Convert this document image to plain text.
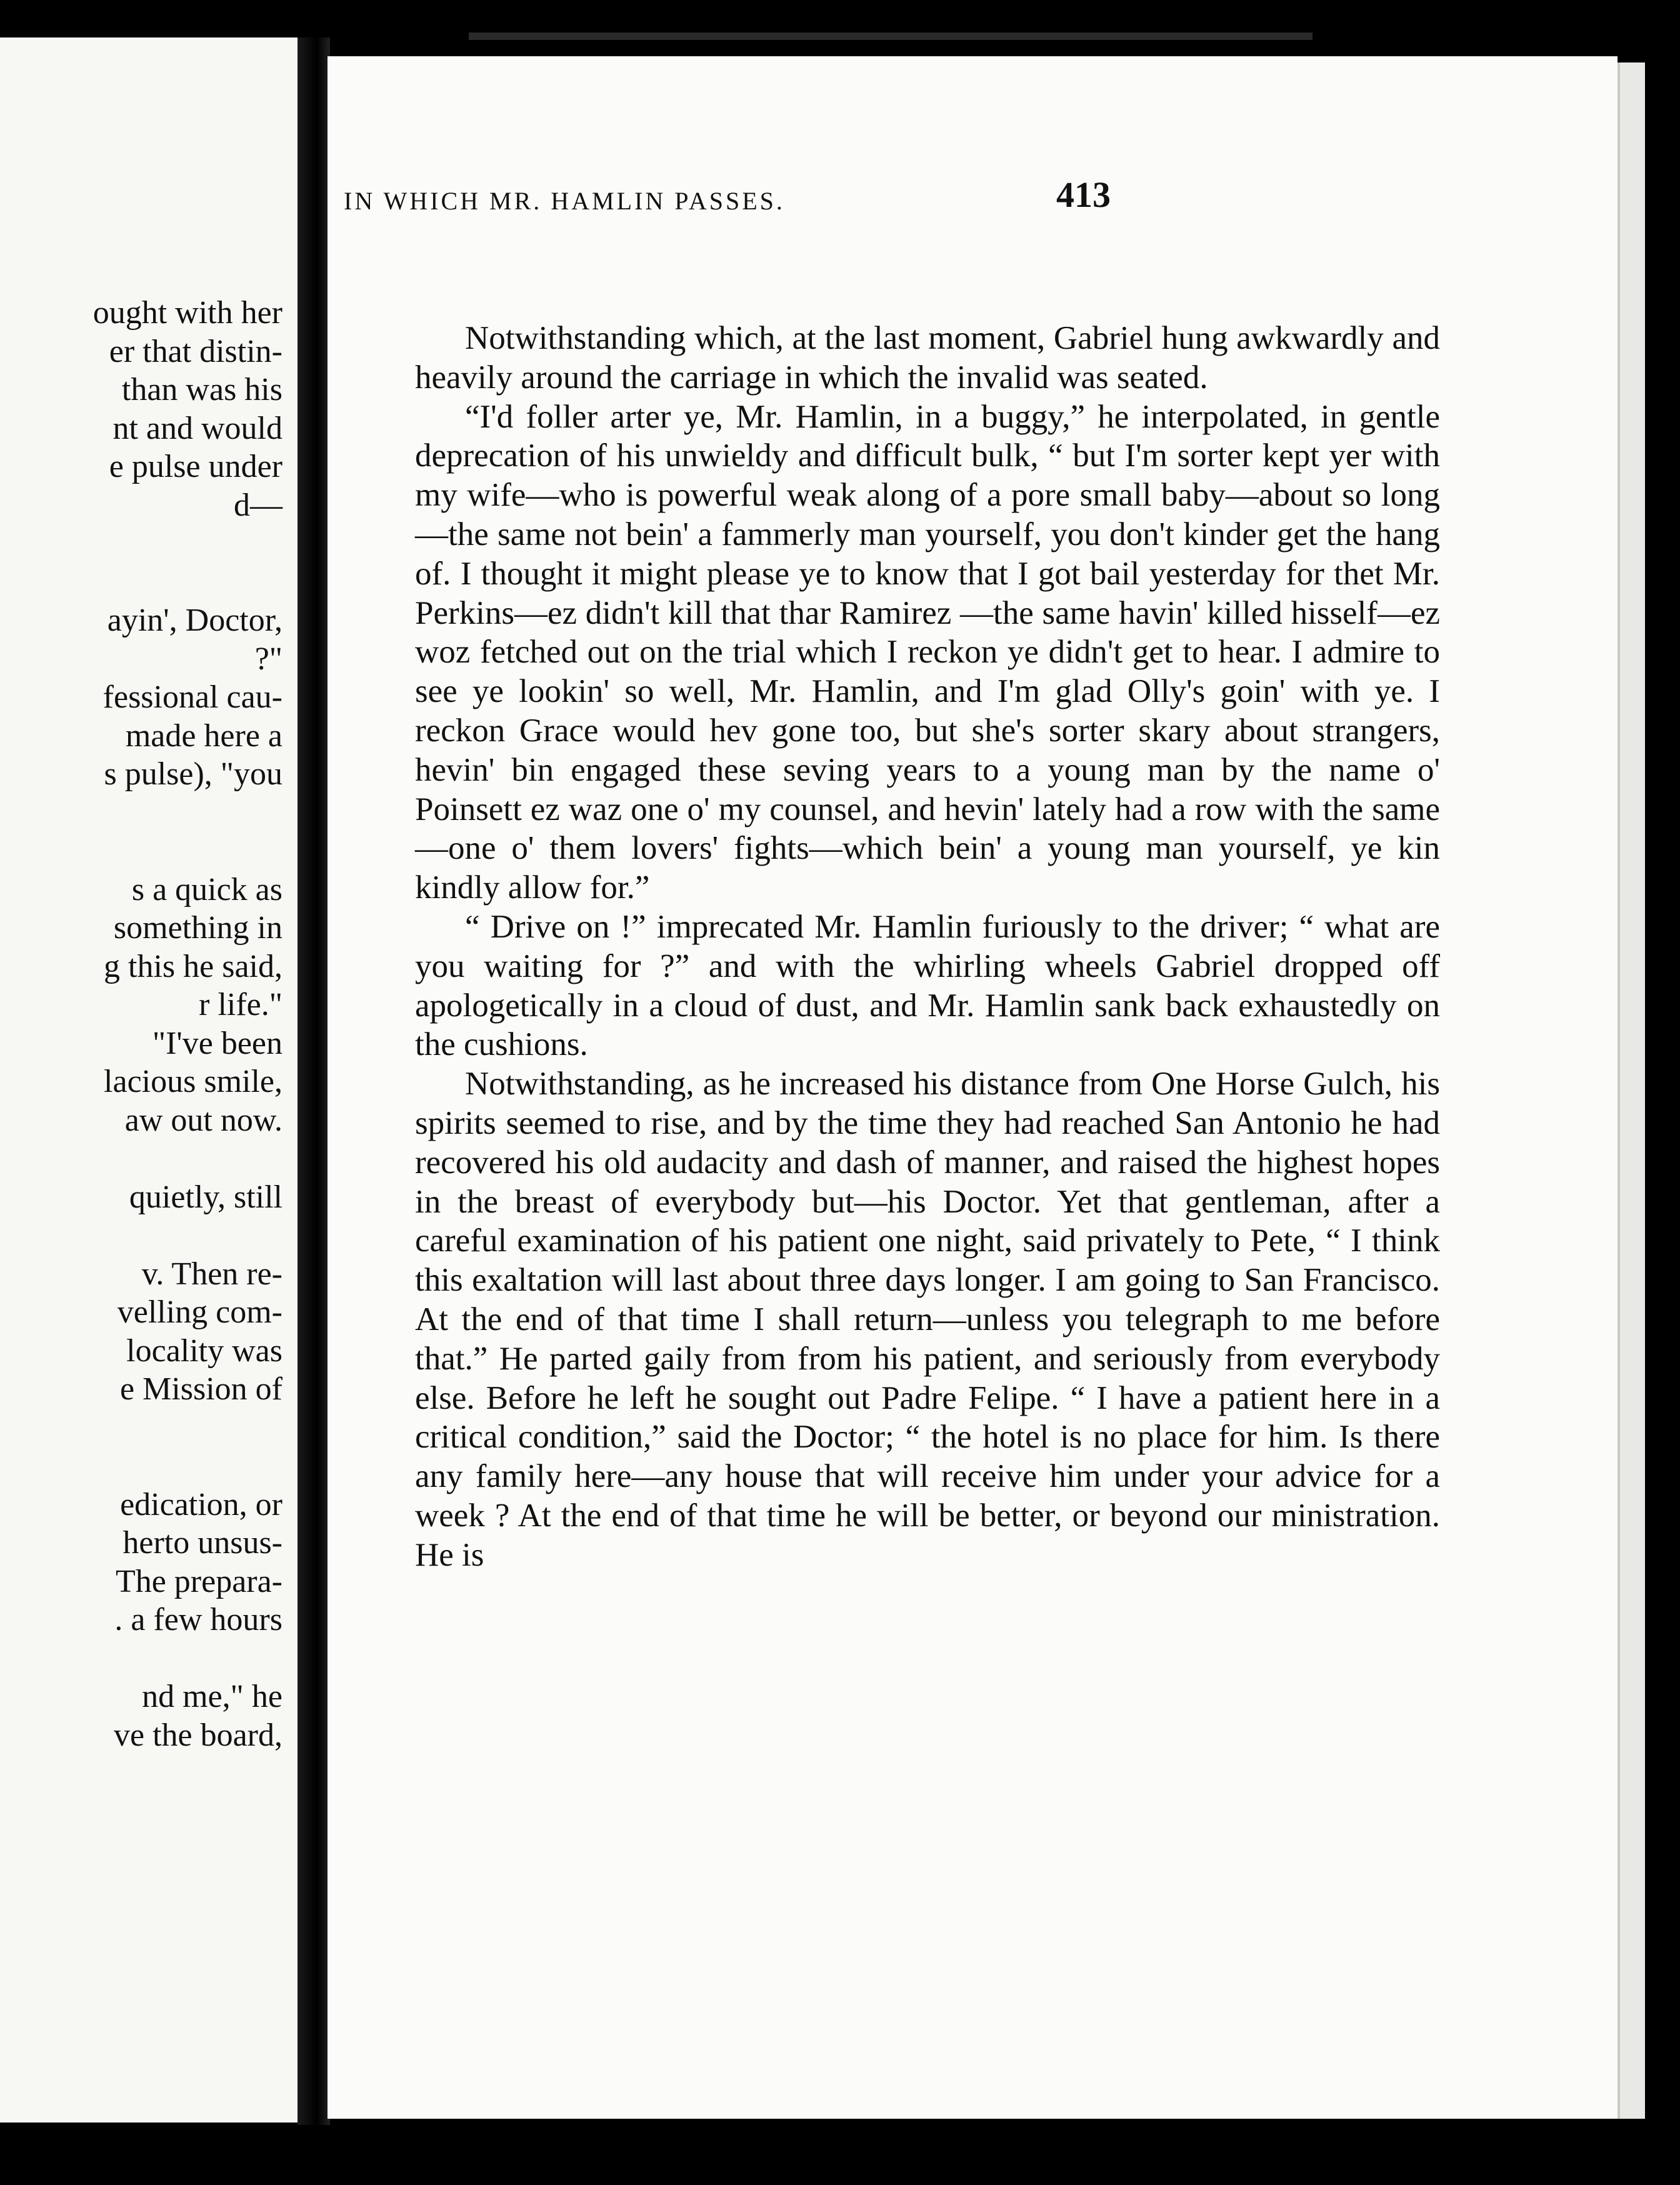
ought with her
er that distin-
than was his
nt and would
e pulse under
d—

ayin', Doctor,
?"
fessional cau-
made here a
s pulse), "you

s a quick as
something in
g this he said,
r life."
"I've been
lacious smile,
aw out now.

quietly, still

v. Then re-
velling com-
locality was
e Mission of

edication, or
herto unsus-
The prepara-
. a few hours

nd me," he
ve the board,

Notwithstanding which, at the last moment, Gabriel hung awkwardly and heavily around the carriage in which the invalid was seated.

“I'd foller arter ye, Mr. Hamlin, in a buggy,” he interpolated, in gentle deprecation of his unwieldy and difficult bulk, “ but I'm sorter kept yer with my wife—who is powerful weak along of a pore small baby—about so long—the same not bein' a fammerly man yourself, you don't kinder get the hang of. I thought it might please ye to know that I got bail yesterday for thet Mr. Perkins—ez didn't kill that thar Ramirez —the same havin' killed hisself—ez woz fetched out on the trial which I reckon ye didn't get to hear. I admire to see ye lookin' so well, Mr. Hamlin, and I'm glad Olly's goin' with ye. I reckon Grace would hev gone too, but she's sorter skary about strangers, hevin' bin engaged these seving years to a young man by the name o' Poinsett ez waz one o' my counsel, and hevin' lately had a row with the same—one o' them lovers' fights—which bein' a young man yourself, ye kin kindly allow for.”

“ Drive on !” imprecated Mr. Hamlin furiously to the driver; “ what are you waiting for ?” and with the whirling wheels Gabriel dropped off apologetically in a cloud of dust, and Mr. Hamlin sank back exhaustedly on the cushions.

Notwithstanding, as he increased his distance from One Horse Gulch, his spirits seemed to rise, and by the time they had reached San Antonio he had recovered his old audacity and dash of manner, and raised the highest hopes in the breast of everybody but—his Doctor. Yet that gentleman, after a careful examination of his patient one night, said privately to Pete, “ I think this exaltation will last about three days longer. I am going to San Francisco. At the end of that time I shall return—unless you telegraph to me before that.” He parted gaily from from his patient, and seriously from everybody else. Before he left he sought out Padre Felipe. “ I have a patient here in a critical condition,” said the Doctor; “ the hotel is no place for him. Is there any family here—any house that will receive him under your advice for a week ? At the end of that time he will be better, or beyond our ministration. He is

IN WHICH MR. HAMLIN PASSES.	413
